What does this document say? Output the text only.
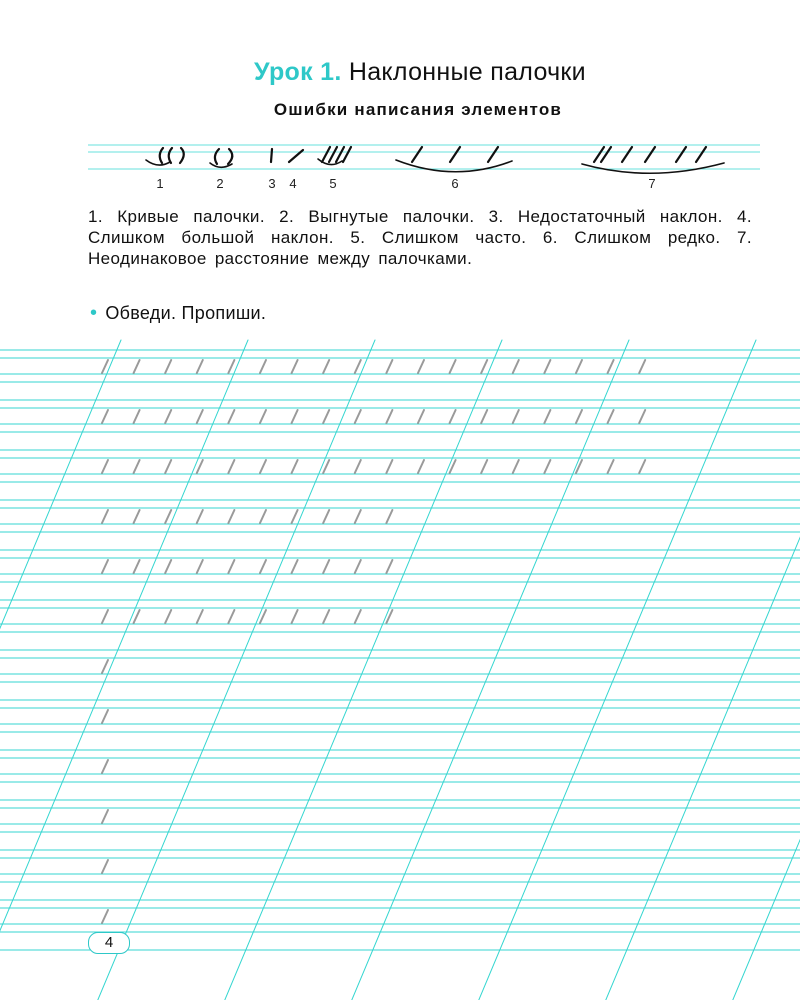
Урок 1. Наклонные палочки
Ошибки написания элементов
1	2	3 4	5	6	7
1. Кривые палочки. 2. Выгнутые палочки. 3. Недостаточный наклон. 4. Слишком большой наклон. 5. Слишком часто. 6. Слишком редко. 7. Неодинаковое расстояние между палочками.
• Обведи. Пропиши.
4
